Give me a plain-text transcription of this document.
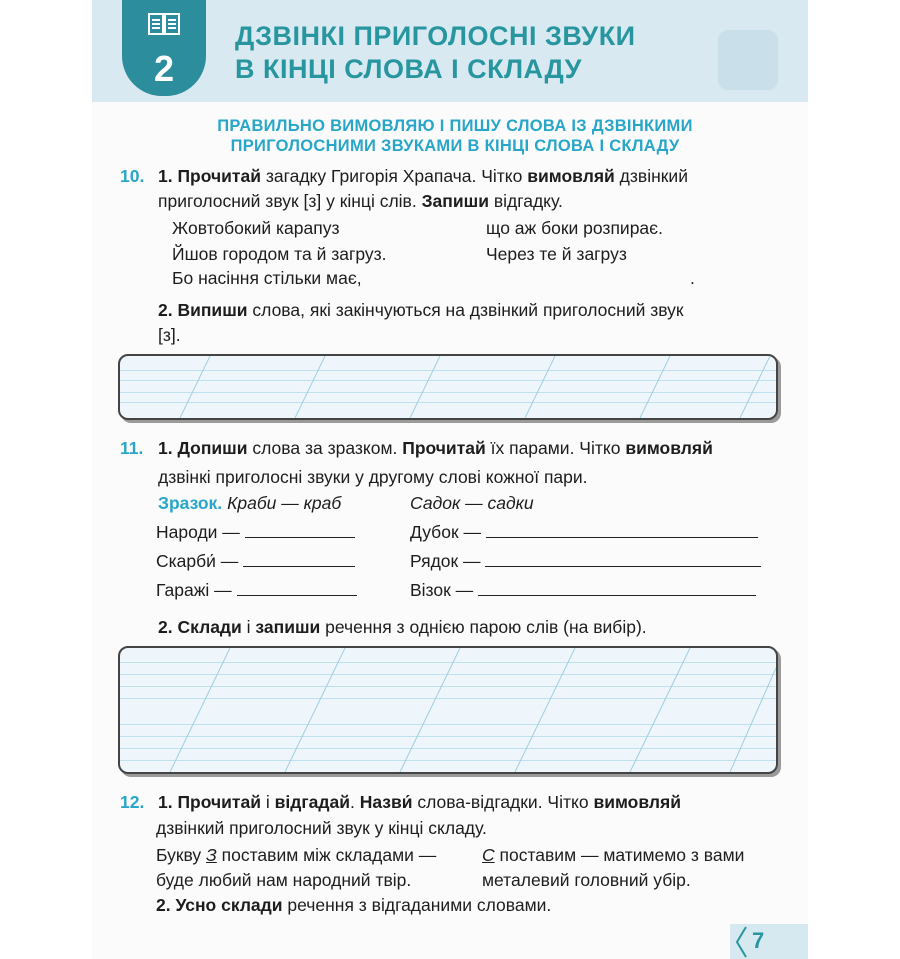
2
ДЗВІНКІ ПРИГОЛОСНІ ЗВУКИ
В КІНЦІ СЛОВА І СКЛАДУ
ПРАВИЛЬНО ВИМОВЛЯЮ І ПИШУ СЛОВА ІЗ ДЗВІНКИМИ
ПРИГОЛОСНИМИ ЗВУКАМИ В КІНЦІ СЛОВА І СКЛАДУ
10. 1. Прочитай загадку Григорія Храпача. Чітко вимовляй дзвінкий
приголосний звук [з] у кінці слів. Запиши відгадку.
Жовтобокий карапуз
Йшов городом та й загруз.
Бо насіння стільки має,
що аж боки розпирає.
Через те й загруз
.
2. Випиши слова, які закінчуються на дзвінкий приголосний звук
[з].
11. 1. Допиши слова за зразком. Прочитай їх парами. Чітко вимовляй
дзвінкі приголосні звуки у другому слові кожної пари.
Зразок. Краби — краб	Садок — садки
Народи —
Скарби́ —
Гаражі —
Дубок —
Рядок —
Візок —
2. Склади і запиши речення з однією парою слів (на вибір).
12. 1. Прочитай і відгадай. Назви́ слова-відгадки. Чітко вимовляй
дзвінкий приголосний звук у кінці складу.
Букву З поставим між складами —
буде любий нам народний твір.
С поставим — матимемо з вами
металевий головний убір.
2. Усно склади речення з відгаданими словами.
7
